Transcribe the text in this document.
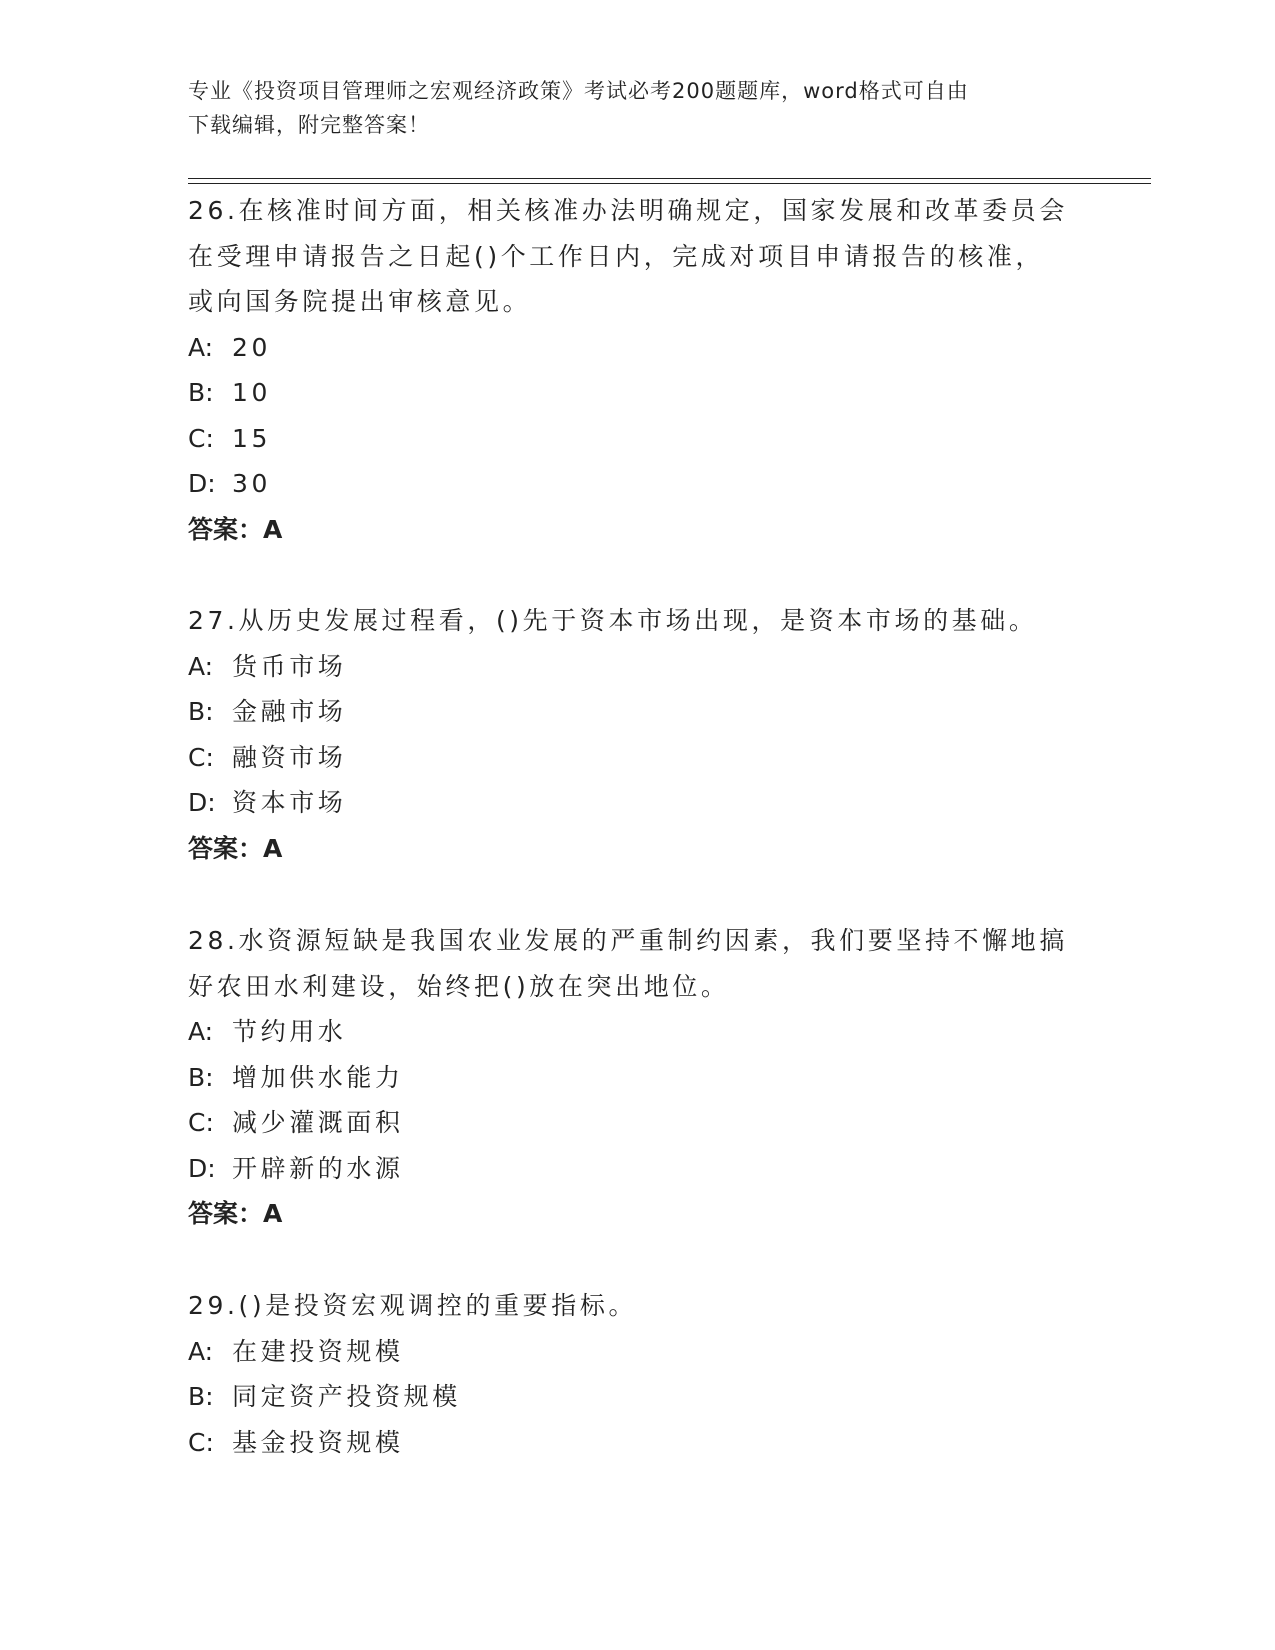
专业《投资项目管理师之宏观经济政策》考试必考200题题库，word格式可自由
下载编辑，附完整答案！
26.在核准时间方面，相关核准办法明确规定，国家发展和改革委员会
在受理申请报告之日起()个工作日内，完成对项目申请报告的核准，
或向国务院提出审核意见。
A: 20
B: 10
C: 15
D: 30
答案：A
27.从历史发展过程看，()先于资本市场出现，是资本市场的基础。
A: 货币市场
B: 金融市场
C: 融资市场
D: 资本市场
答案：A
28.水资源短缺是我国农业发展的严重制约因素，我们要坚持不懈地搞
好农田水利建设，始终把()放在突出地位。
A: 节约用水
B: 增加供水能力
C: 减少灌溉面积
D: 开辟新的水源
答案：A
29.()是投资宏观调控的重要指标。
A: 在建投资规模
B: 同定资产投资规模
C: 基金投资规模
